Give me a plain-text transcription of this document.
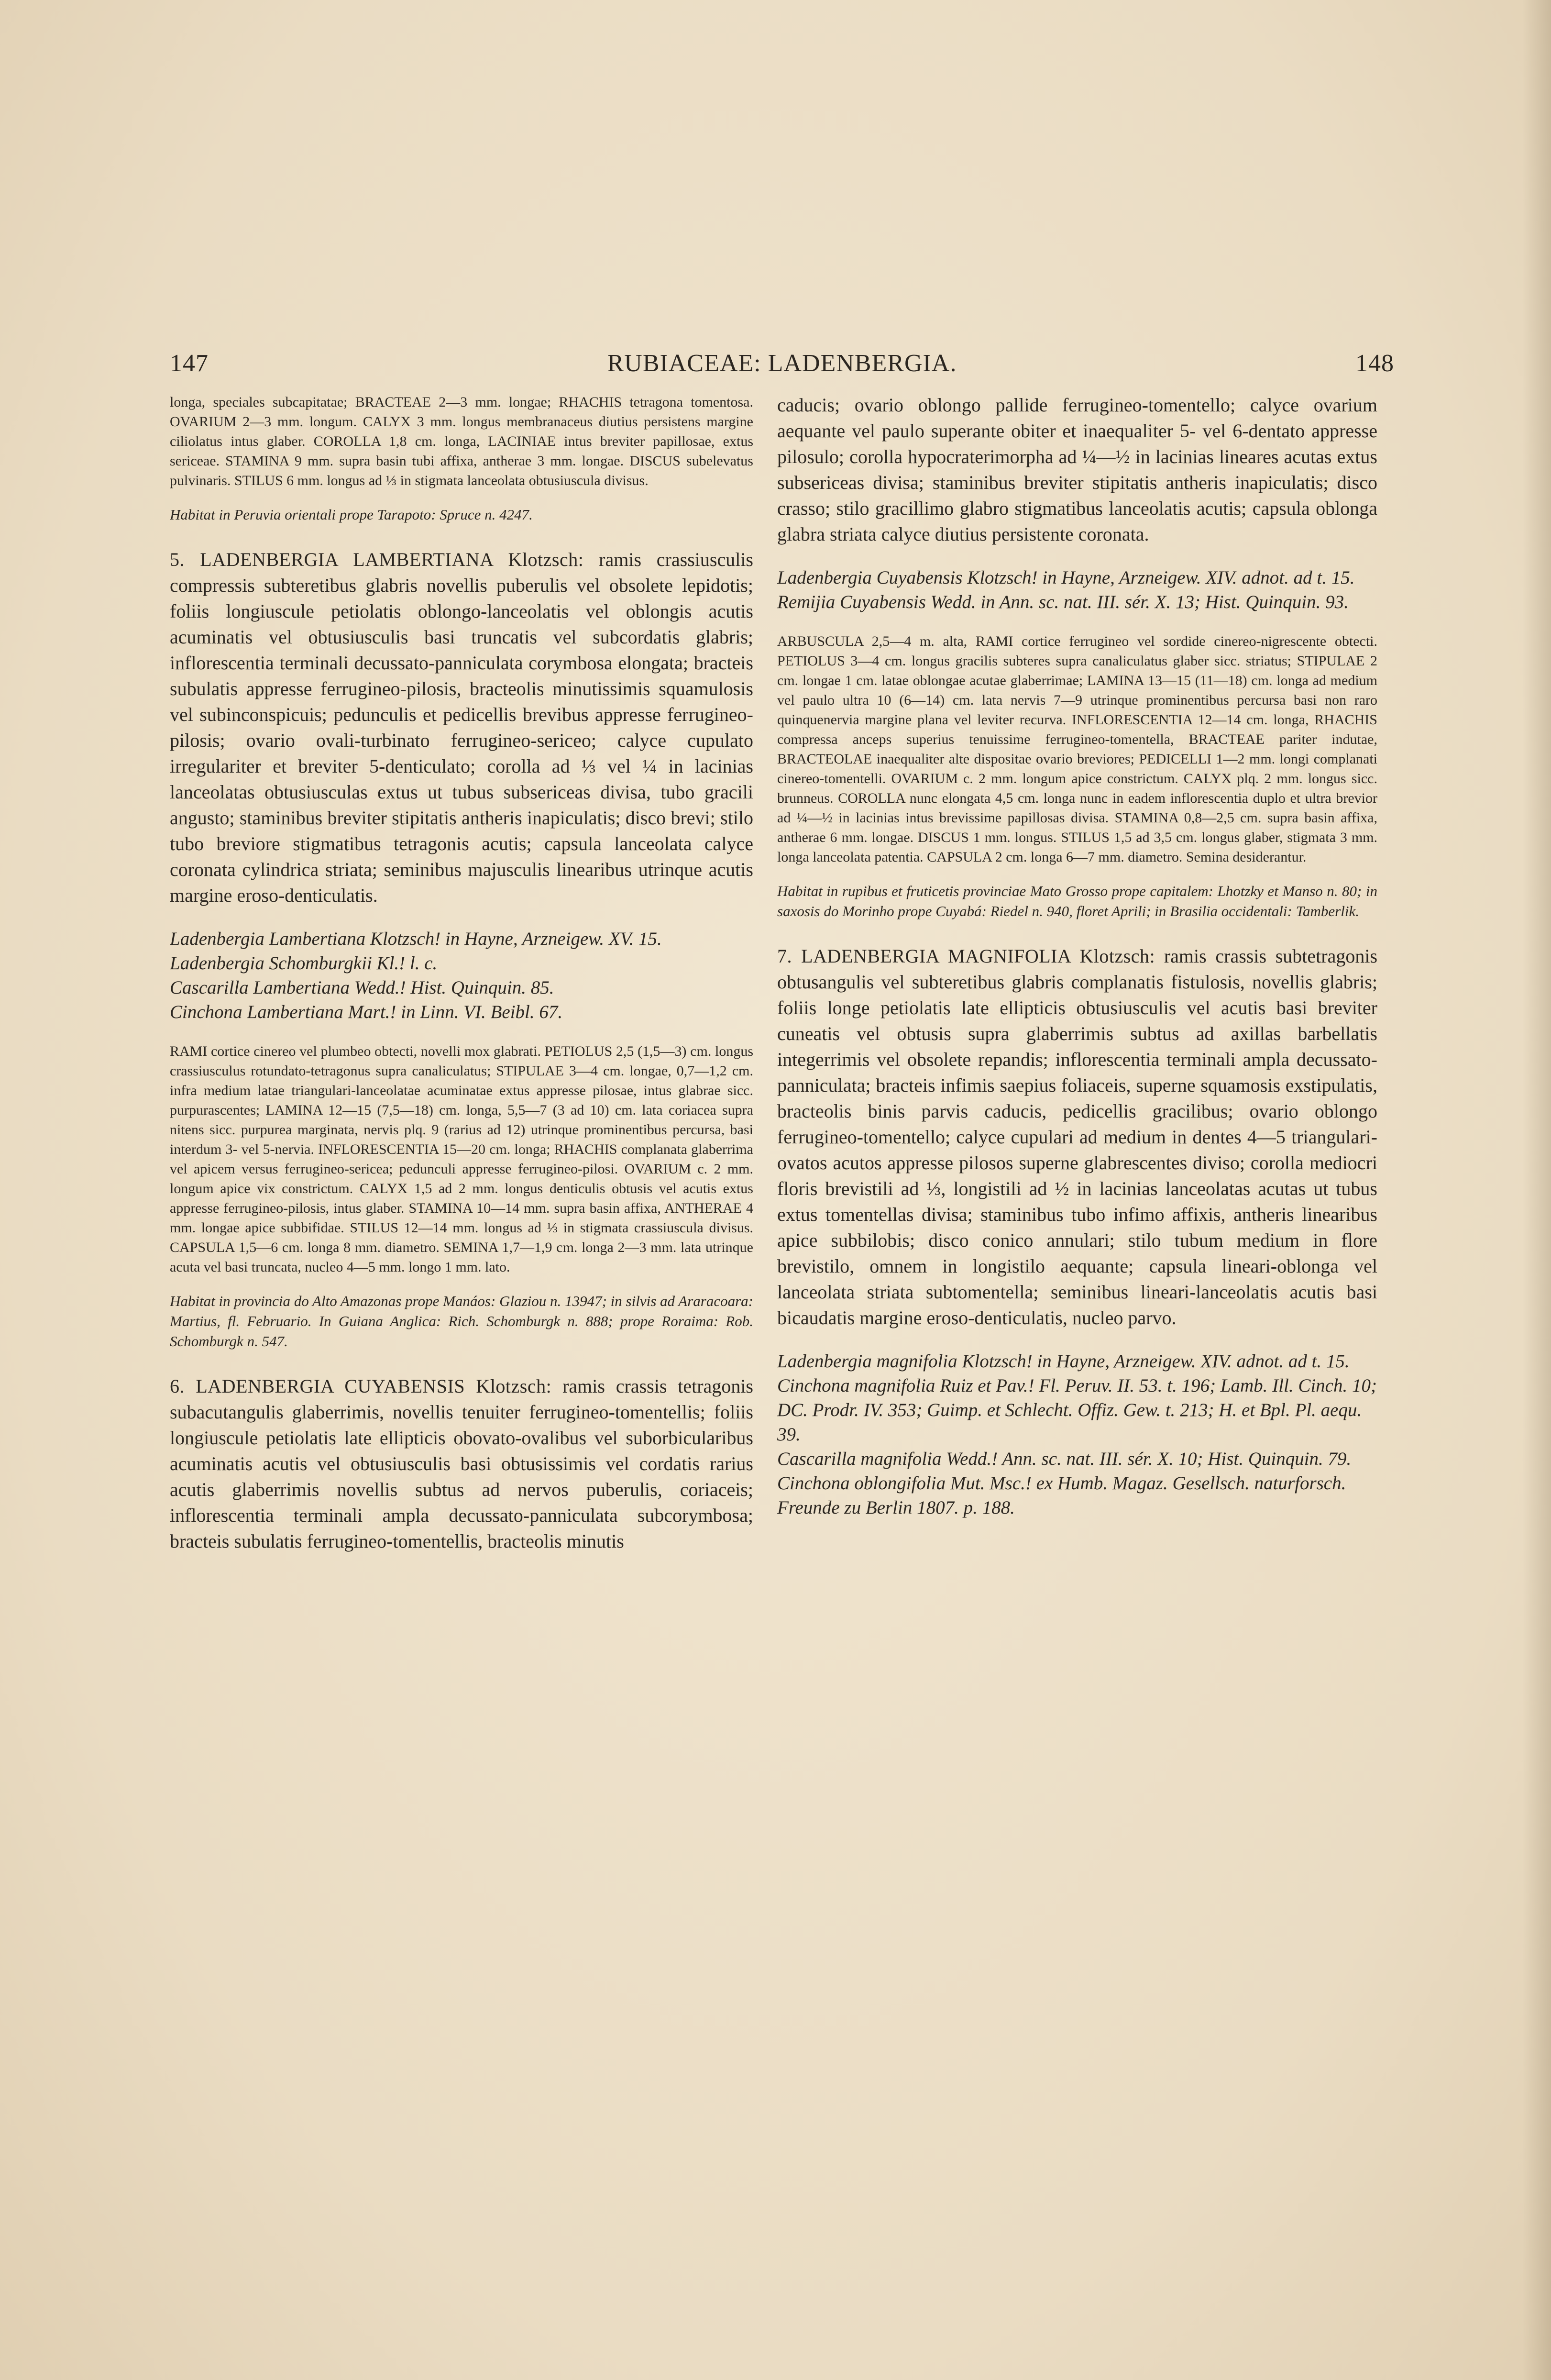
147	RUBIACEAE: LADENBERGIA.	148

longa, speciales subcapitatae; BRACTEAE 2—3 mm. longae; RHACHIS tetragona tomentosa. OVARIUM 2—3 mm. longum. CALYX 3 mm. longus membranaceus diutius persistens margine ciliolatus intus glaber. COROLLA 1,8 cm. longa, LACINIAE intus breviter papillosae, extus sericeae. STAMINA 9 mm. supra basin tubi affixa, antherae 3 mm. longae. DISCUS subelevatus pulvinaris. STILUS 6 mm. longus ad ⅓ in stigmata lanceolata obtusiuscula divisus.

Habitat in Peruvia orientali prope Tarapoto: Spruce n. 4247.

5. LADENBERGIA LAMBERTIANA Klotzsch: ramis crassiusculis compressis subteretibus glabris novellis puberulis vel obsolete lepidotis; foliis longiuscule petiolatis oblongo-lanceolatis vel oblongis acutis acuminatis vel obtusiusculis basi truncatis vel subcordatis glabris; inflorescentia terminali decussato-panniculata corymbosa elongata; bracteis subulatis appresse ferrugineo-pilosis, bracteolis minutissimis squamulosis vel subinconspicuis; pedunculis et pedicellis brevibus appresse ferrugineo-pilosis; ovario ovali-turbinato ferrugineo-sericeo; calyce cupulato irregulariter et breviter 5-denticulato; corolla ad ⅓ vel ¼ in lacinias lanceolatas obtusiusculas extus ut tubus subsericeas divisa, tubo gracili angusto; staminibus breviter stipitatis antheris inapiculatis; disco brevi; stilo tubo breviore stigmatibus tetragonis acutis; capsula lanceolata calyce coronata cylindrica striata; seminibus majusculis linearibus utrinque acutis margine eroso-denticulatis.

Ladenbergia Lambertiana Klotzsch! in Hayne, Arzneigew. XV. 15.
Ladenbergia Schomburgkii Kl.! l. c.
Cascarilla Lambertiana Wedd.! Hist. Quinquin. 85.
Cinchona Lambertiana Mart.! in Linn. VI. Beibl. 67.

RAMI cortice cinereo vel plumbeo obtecti, novelli mox glabrati. PETIOLUS 2,5 (1,5—3) cm. longus crassiusculus rotundato-tetragonus supra canaliculatus; STIPULAE 3—4 cm. longae, 0,7—1,2 cm. infra medium latae triangulari-lanceolatae acuminatae extus appresse pilosae, intus glabrae sicc. purpurascentes; LAMINA 12—15 (7,5—18) cm. longa, 5,5—7 (3 ad 10) cm. lata coriacea supra nitens sicc. purpurea marginata, nervis plq. 9 (rarius ad 12) utrinque prominentibus percursa, basi interdum 3- vel 5-nervia. INFLORESCENTIA 15—20 cm. longa; RHACHIS complanata glaberrima vel apicem versus ferrugineo-sericea; pedunculi appresse ferrugineo-pilosi. OVARIUM c. 2 mm. longum apice vix constrictum. CALYX 1,5 ad 2 mm. longus denticulis obtusis vel acutis extus appresse ferrugineo-pilosis, intus glaber. STAMINA 10—14 mm. supra basin affixa, ANTHERAE 4 mm. longae apice subbifidae. STILUS 12—14 mm. longus ad ⅓ in stigmata crassiuscula divisus. CAPSULA 1,5—6 cm. longa 8 mm. diametro. SEMINA 1,7—1,9 cm. longa 2—3 mm. lata utrinque acuta vel basi truncata, nucleo 4—5 mm. longo 1 mm. lato.

Habitat in provincia do Alto Amazonas prope Manáos: Glaziou n. 13947; in silvis ad Araracoara: Martius, fl. Februario. In Guiana Anglica: Rich. Schomburgk n. 888; prope Roraima: Rob. Schomburgk n. 547.

6. LADENBERGIA CUYABENSIS Klotzsch: ramis crassis tetragonis subacutangulis glaberrimis, novellis tenuiter ferrugineo-tomentellis; foliis longiuscule petiolatis late ellipticis obovato-ovalibus vel suborbicularibus acuminatis acutis vel obtusiusculis basi obtusissimis vel cordatis rarius acutis glaberrimis novellis subtus ad nervos puberulis, coriaceis; inflorescentia terminali ampla decussato-panniculata subcorymbosa; bracteis subulatis ferrugineo-tomentellis, bracteolis minutis

caducis; ovario oblongo pallide ferrugineo-tomentello; calyce ovarium aequante vel paulo superante obiter et inaequaliter 5- vel 6-dentato appresse pilosulo; corolla hypocraterimorpha ad ¼—½ in lacinias lineares acutas extus subsericeas divisa; staminibus breviter stipitatis antheris inapiculatis; disco crasso; stilo gracillimo glabro stigmatibus lanceolatis acutis; capsula oblonga glabra striata calyce diutius persistente coronata.

Ladenbergia Cuyabensis Klotzsch! in Hayne, Arzneigew. XIV. adnot. ad t. 15.
Remijia Cuyabensis Wedd. in Ann. sc. nat. III. sér. X. 13; Hist. Quinquin. 93.

ARBUSCULA 2,5—4 m. alta, RAMI cortice ferrugineo vel sordide cinereo-nigrescente obtecti. PETIOLUS 3—4 cm. longus gracilis subteres supra canaliculatus glaber sicc. striatus; STIPULAE 2 cm. longae 1 cm. latae oblongae acutae glaberrimae; LAMINA 13—15 (11—18) cm. longa ad medium vel paulo ultra 10 (6—14) cm. lata nervis 7—9 utrinque prominentibus percursa basi non raro quinquenervia margine plana vel leviter recurva. INFLORESCENTIA 12—14 cm. longa, RHACHIS compressa anceps superius tenuissime ferrugineo-tomentella, BRACTEAE pariter indutae, BRACTEOLAE inaequaliter alte dispositae ovario breviores; PEDICELLI 1—2 mm. longi complanati cinereo-tomentelli. OVARIUM c. 2 mm. longum apice constrictum. CALYX plq. 2 mm. longus sicc. brunneus. COROLLA nunc elongata 4,5 cm. longa nunc in eadem inflorescentia duplo et ultra brevior ad ¼—½ in lacinias intus brevissime papillosas divisa. STAMINA 0,8—2,5 cm. supra basin affixa, antherae 6 mm. longae. DISCUS 1 mm. longus. STILUS 1,5 ad 3,5 cm. longus glaber, stigmata 3 mm. longa lanceolata patentia. CAPSULA 2 cm. longa 6—7 mm. diametro. Semina desiderantur.

Habitat in rupibus et fruticetis provinciae Mato Grosso prope capitalem: Lhotzky et Manso n. 80; in saxosis do Morinho prope Cuyabá: Riedel n. 940, floret Aprili; in Brasilia occidentali: Tamberlik.

7. LADENBERGIA MAGNIFOLIA Klotzsch: ramis crassis subtetragonis obtusangulis vel subteretibus glabris complanatis fistulosis, novellis glabris; foliis longe petiolatis late ellipticis obtusiusculis vel acutis basi breviter cuneatis vel obtusis supra glaberrimis subtus ad axillas barbellatis integerrimis vel obsolete repandis; inflorescentia terminali ampla decussato-panniculata; bracteis infimis saepius foliaceis, superne squamosis exstipulatis, bracteolis binis parvis caducis, pedicellis gracilibus; ovario oblongo ferrugineo-tomentello; calyce cupulari ad medium in dentes 4—5 triangulari-ovatos acutos appresse pilosos superne glabrescentes diviso; corolla mediocri floris brevistili ad ⅓, longistili ad ½ in lacinias lanceolatas acutas ut tubus extus tomentellas divisa; staminibus tubo infimo affixis, antheris linearibus apice subbilobis; disco conico annulari; stilo tubum medium in flore brevistilo, omnem in longistilo aequante; capsula lineari-oblonga vel lanceolata striata subtomentella; seminibus lineari-lanceolatis acutis basi bicaudatis margine eroso-denticulatis, nucleo parvo.

Ladenbergia magnifolia Klotzsch! in Hayne, Arzneigew. XIV. adnot. ad t. 15.
Cinchona magnifolia Ruiz et Pav.! Fl. Peruv. II. 53. t. 196; Lamb. Ill. Cinch. 10; DC. Prodr. IV. 353; Guimp. et Schlecht. Offiz. Gew. t. 213; H. et Bpl. Pl. aequ. 39.
Cascarilla magnifolia Wedd.! Ann. sc. nat. III. sér. X. 10; Hist. Quinquin. 79.
Cinchona oblongifolia Mut. Msc.! ex Humb. Magaz. Gesellsch. naturforsch. Freunde zu Berlin 1807. p. 188.
